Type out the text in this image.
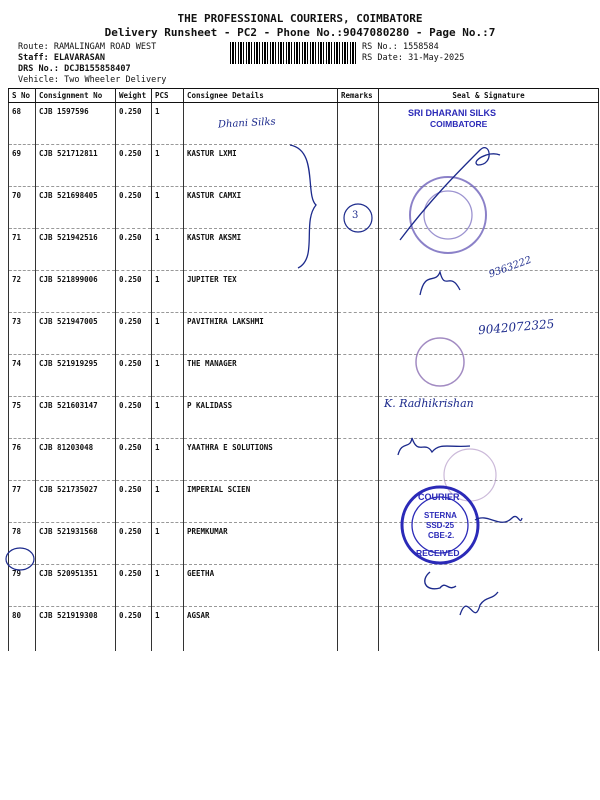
THE PROFESSIONAL COURIERS, COIMBATORE
Delivery Runsheet - PC2 - Phone No.:9047080280 - Page No.:7
Route: RAMALINGAM ROAD WEST
Staff: ELAVARASAN
DRS No.: DCJB155858407
Vehicle: Two Wheeler Delivery
RS No.: 1558584
RS Date: 31-May-2025
S No	Consignment No	Weight	PCS	Consignee Details	Remarks	Seal & Signature
68	CJB 1597596	0.250	1			
69	CJB 521712811	0.250	1	KASTUR LXMI		
70	CJB 521698405	0.250	1	KASTUR CAMXI		
71	CJB 521942516	0.250	1	KASTUR AKSMI		
72	CJB 521899006	0.250	1	JUPITER TEX		
73	CJB 521947005	0.250	1	PAVITHIRA LAKSHMI		
74	CJB 521919295	0.250	1	THE MANAGER		
75	CJB 521603147	0.250	1	P KALIDASS		
76	CJB 81203048	0.250	1	YAATHRA E SOLUTIONS		
77	CJB 521735027	0.250	1	IMPERIAL SCIEN		
78	CJB 521931568	0.250	1	PREMKUMAR		
79	CJB 520951351	0.250	1	GEETHA		
80	CJB 521919308	0.250	1	AGSAR		
Dhani Silks
SRI DHARANI SILKS
COIMBATORE
3
9363222
9042072325
K. Radhikrishan
COURIER
STERNA
SSD-25
CBE-2.
RECEIVED
